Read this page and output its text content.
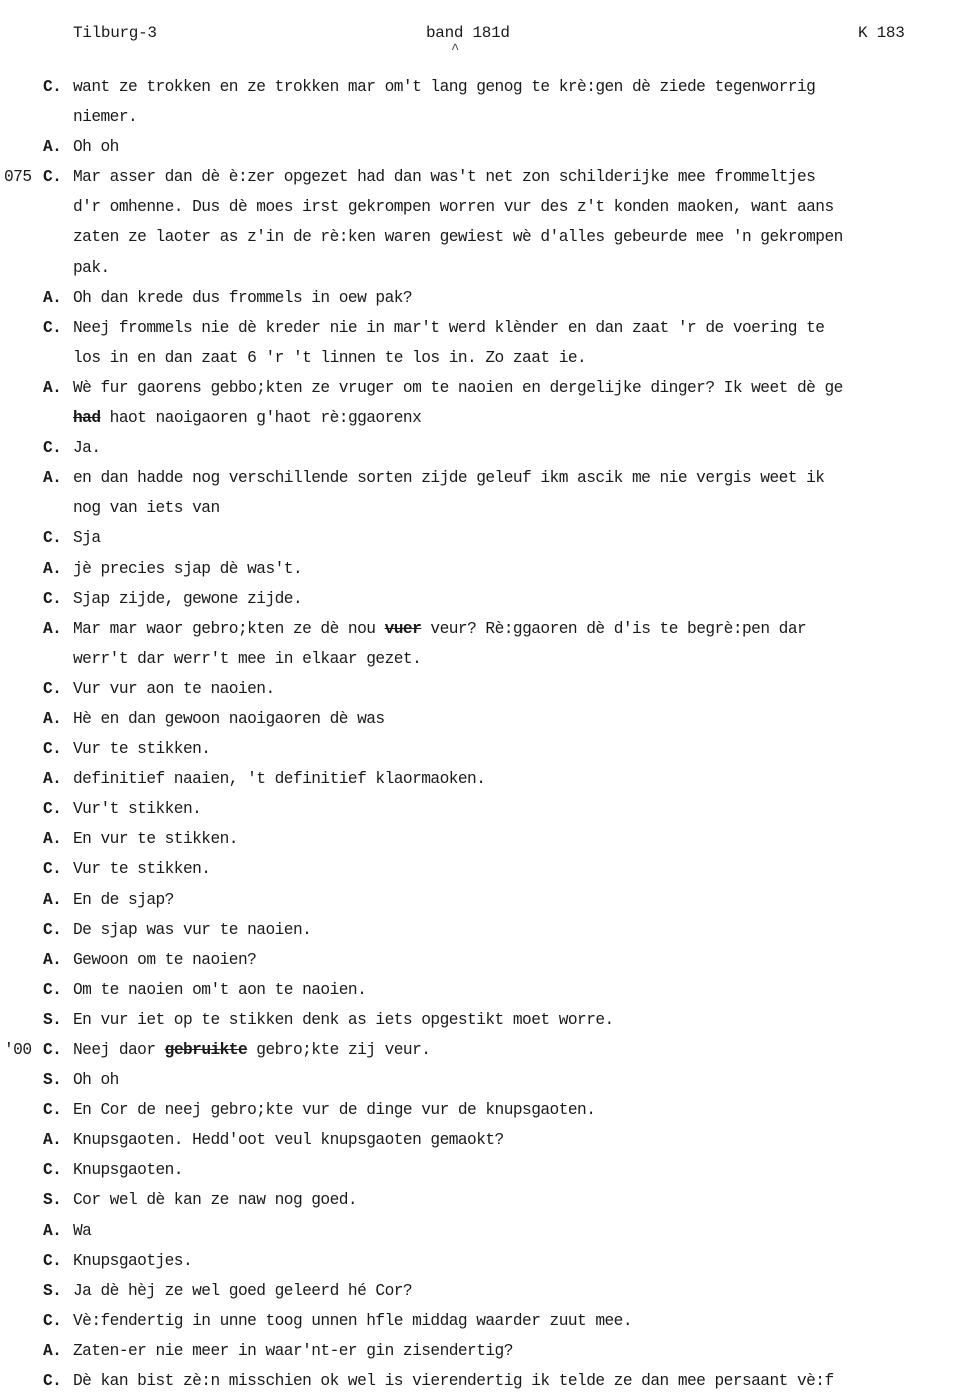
Tilburg-3	band 181d	K 183
^
C. want ze trokken en ze trokken mar om't lang genog te krè:gen dè ziede tegenworrig
niemer.
A. Oh oh
075 C. Mar asser dan dè è:zer opgezet had dan was't net zon schilderijke mee frommeltjes
d'r omhenne. Dus dè moes irst gekrompen worren vur des z't konden maoken, want aans
zaten ze laoter as z'in de rè:ken waren gewiest wè d'alles gebeurde mee 'n gekrompen
pak.
A. Oh dan krede dus frommels in oew pak?
C. Neej frommels nie dè kreder nie in mar't werd klènder en dan zaat 'r de voering te
los in en dan zaat 6 'r 't linnen te los in. Zo zaat ie.
A. Wè fur gaorens gebbo;kten ze vruger om te naoien en dergelijke dinger? Ik weet dè ge
had haot naoigaoren g'haot rè:ggaorenx
C. Ja.
A. en dan hadde nog verschillende sorten zijde geleuf ikm ascik me nie vergis weet ik
nog van iets van
C. Sja
A. jè precies sjap dè was't.
C. Sjap zijde, gewone zijde.
A. Mar mar waor gebro;kten ze dè nou vuer veur? Rè:ggaoren dè d'is te begrè:pen dar
werr't dar werr't mee in elkaar gezet.
C. Vur vur aon te naoien.
A. Hè en dan gewoon naoigaoren dè was
C. Vur te stikken.
A. definitief naaien, 't definitief klaormaoken.
C. Vur't stikken.
A. En vur te stikken.
C. Vur te stikken.
A. En de sjap?
C. De sjap was vur te naoien.
A. Gewoon om te naoien?
C. Om te naoien om't aon te naoien.
S. En vur iet op te stikken denk as iets opgestikt moet worre.
'00 C. Neej daor gebruikte gebro;kte zij veur.
S. Oh oh
C. En Cor de neej gebro;kte vur de dinge vur de knupsgaoten.
A. Knupsgaoten. Hedd'oot veul knupsgaoten gemaokt?
C. Knupsgaoten.
S. Cor wel dè kan ze naw nog goed.
A. Wa
C. Knupsgaotjes.
S. Ja dè hèj ze wel goed geleerd hé Cor?
C. Vè:fendertig in unne toog unnen hfle middag waarder zuut mee.
A. Zaten-er nie meer in waar'nt-er gin zisendertig?
C. Dè kan bist zè:n misschien ok wel is vierendertig ik telde ze dan mee persaant vè:f
